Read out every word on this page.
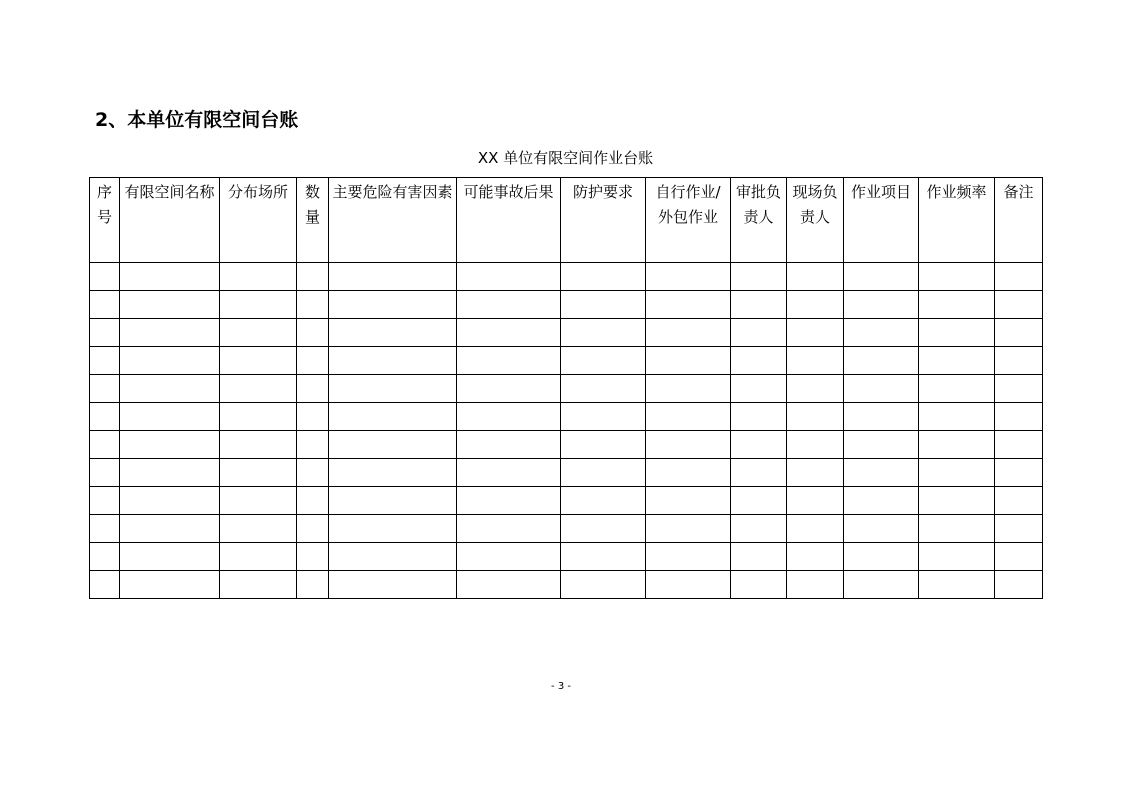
2、本单位有限空间台账
XX 单位有限空间作业台账
序号	有限空间名称	分布场所	数量	主要危险有害因素	可能事故后果	防护要求	自行作业/外包作业	审批负责人	现场负责人	作业项目	作业频率	备注

- 3 -
